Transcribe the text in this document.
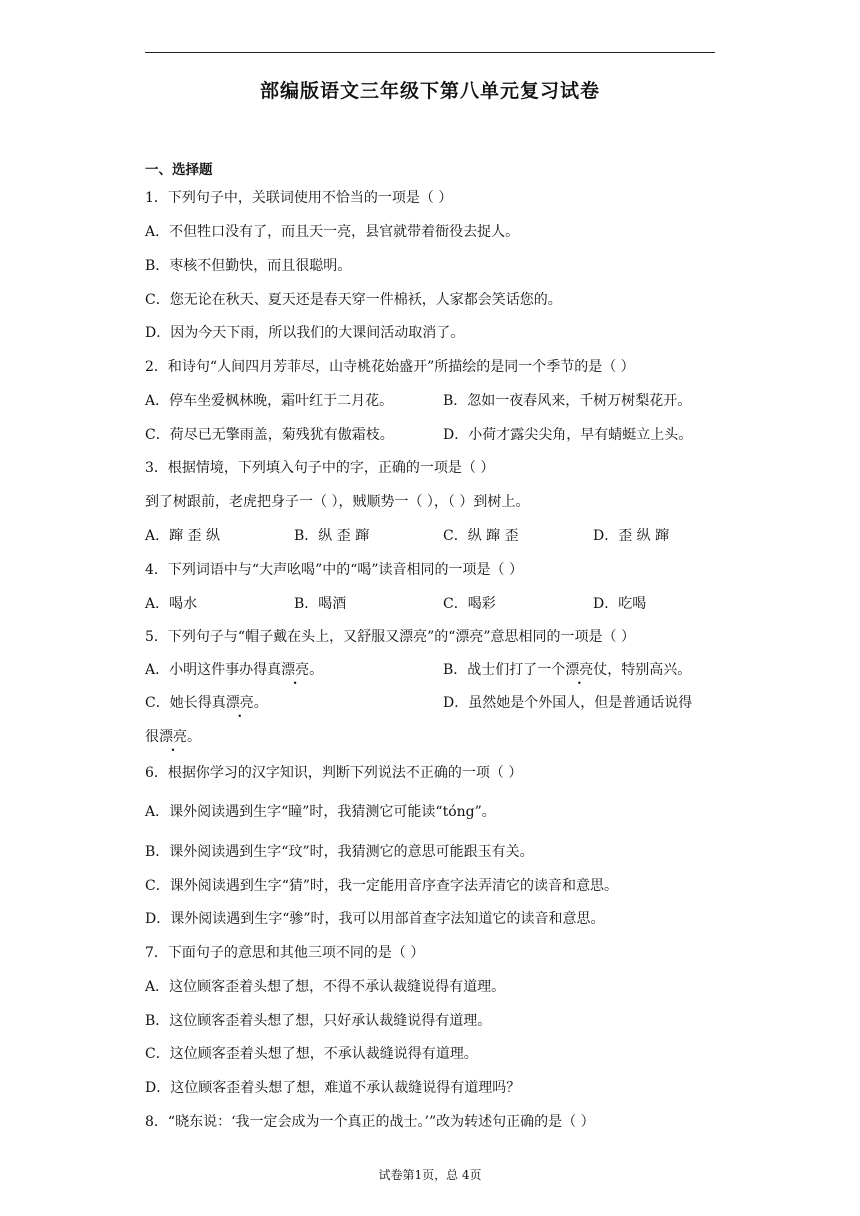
部编版语文三年级下第八单元复习试卷
一、选择题
1．下列句子中，关联词使用不恰当的一项是（ ）
A．不但牲口没有了，而且天一亮，县官就带着衙役去捉人。
B．枣核不但勤快，而且很聪明。
C．您无论在秋天、夏天还是春天穿一件棉袄，人家都会笑话您的。
D．因为今天下雨，所以我们的大课间活动取消了。
2．和诗句“人间四月芳菲尽，山寺桃花始盛开”所描绘的是同一个季节的是（ ）
A．停车坐爱枫林晚，霜叶红于二月花。	B．忽如一夜春风来，千树万树梨花开。
C．荷尽已无擎雨盖，菊残犹有傲霜枝。	D．小荷才露尖尖角，早有蜻蜓立上头。
3．根据情境，下列填入句子中的字，正确的一项是（ ）
到了树跟前，老虎把身子一（ ），贼顺势一（ ），（ ）到树上。
A．蹿 歪 纵	B．纵 歪 蹿	C．纵 蹿 歪	D．歪 纵 蹿
4．下列词语中与“大声吆喝”中的“喝”读音相同的一项是（ ）
A．喝水	B．喝酒	C．喝彩	D．吃喝
5．下列句子与“帽子戴在头上，又舒服又漂亮”的“漂亮”意思相同的一项是（ ）
A．小明这件事办得真漂亮。	B．战士们打了一个漂亮仗，特别高兴。
C．她长得真漂亮。	D．虽然她是个外国人，但是普通话说得
很漂亮。
6．根据你学习的汉字知识，判断下列说法不正确的一项（ ）
A．课外阅读遇到生字“瞳”时，我猜测它可能读“tóng”。
B．课外阅读遇到生字“玟”时，我猜测它的意思可能跟玉有关。
C．课外阅读遇到生字“猜”时，我一定能用音序查字法弄清它的读音和意思。
D．课外阅读遇到生字“骖”时，我可以用部首查字法知道它的读音和意思。
7．下面句子的意思和其他三项不同的是（ ）
A．这位顾客歪着头想了想，不得不承认裁缝说得有道理。
B．这位顾客歪着头想了想，只好承认裁缝说得有道理。
C．这位顾客歪着头想了想，不承认裁缝说得有道理。
D．这位顾客歪着头想了想，难道不承认裁缝说得有道理吗？
8．“晓东说：‘我一定会成为一个真正的战士。’”改为转述句正确的是（ ）
试卷第1页，总 4页
